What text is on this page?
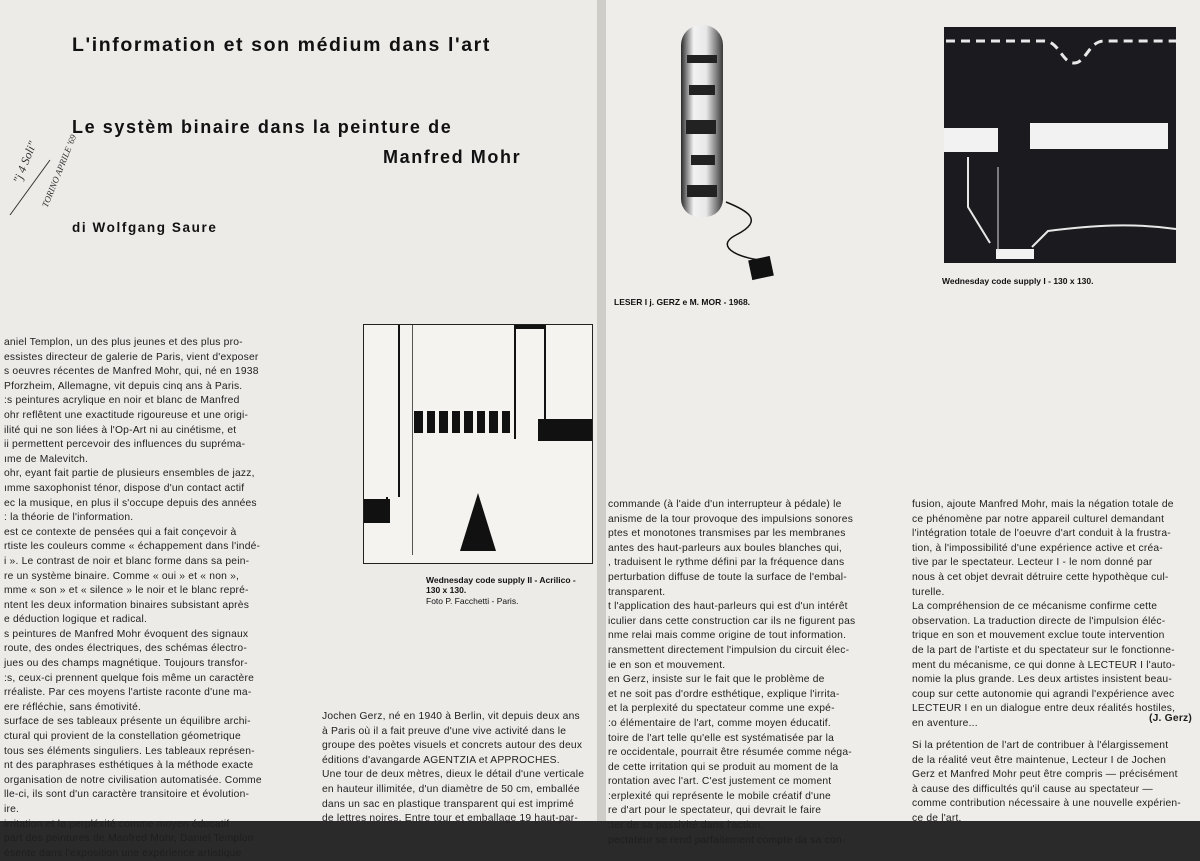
L'information et son médium dans l'art
Le systèm binaire dans la peinture de
Manfred Mohr
di Wolfgang Saure
"j 4 Soli" TORINO APRILE '69

aniel Templon, un des plus jeunes et des plus pro-

essistes directeur de galerie de Paris, vient d'exposer

s oeuvres récentes de Manfred Mohr, qui, né en 1938

Pforzheim, Allemagne, vit depuis cinq ans à Paris.

:s peintures acrylique en noir et blanc de Manfred

ohr reflêtent une exactitude rigoureuse et une origi-

ilité qui ne son liées à l'Op-Art ni au cinétisme, et

ii permettent percevoir des influences du supréma-

ıme de Malevitch.

ohr, eyant fait partie de plusieurs ensembles de jazz,

ımme saxophonist ténor, dispose d'un contact actif

ec la musique, en plus il s'occupe depuis des années

: la théorie de l'information.

est ce contexte de pensées qui a fait conçevoir à

rtiste les couleurs comme « échappement dans l'indé-

i ». Le contrast de noir et blanc forme dans sa pein-

re un système binaire. Comme « oui » et « non »,

mme « son » et « silence » le noir et le blanc repré-

ntent les deux information binaires subsistant après

e déduction logique et radical.

s peintures de Manfred Mohr évoquent des signaux

route, des ondes électriques, des schémas électro-

jues ou des champs magnétique. Toujours transfor-

:s, ceux-ci prennent quelque fois même un caractère

rréaliste. Par ces moyens l'artiste raconte d'une ma-

ere réfléchie, sans émotivité.

surface de ses tableaux présente un équilibre archi-

ctural qui provient de la constellation géometrique

tous ses éléments singuliers. Les tableaux représen-

nt des paraphrases esthétiques à la méthode exacte

organisation de notre civilisation automatisée. Comme

lle-ci, ils sont d'un caractère transitoire et évolution-

ire.

irritation et la perpléxité comme moyen éducatif

part des peintures de Manfred Mohr, Daniel Templon

ésente dans l'exposition une expérience artistique

Jochen Gerz, né en 1940 à Berlin, vit depuis deux ans

à Paris où il a fait preuve d'une vive activité dans le

groupe des poètes visuels et concrets autour des deux

éditions d'avangarde AGENTZIA et APPROCHES.

Une tour de deux mètres, dieux le détail d'une verticale

en hauteur illimitée, d'un diamètre de 50 cm, emballée

dans un sac en plastique transparent qui est imprimé

de lettres noires. Entre tour et emballage 19 haut-par-

Wednesday code supply II - Acrilico -
130 x 130.
Foto P. Facchetti - Paris.
LESER I j. GERZ e M. MOR - 1968.
Wednesday code supply I - 130 x 130.

commande (à l'aide d'un interrupteur à pédale) le

anisme de la tour provoque des impulsions sonores

ptes et monotones transmises par les membranes

antes des haut-parleurs aux boules blanches qui,

, traduisent le rythme défini par la fréquence dans

perturbation diffuse de toute la surface de l'embal-

transparent.

t l'application des haut-parleurs qui est d'un intérêt

iculier dans cette construction car ils ne figurent pas

nme relai mais comme origine de tout information.

ransmettent directement l'impulsion du circuit élec-

ie en son et mouvement.

en Gerz, insiste sur le fait que le problème de

et ne soit pas d'ordre esthétique, explique l'irrita-

et la perplexité du spectateur comme une expé-

:o élémentaire de l'art, comme moyen éducatif.

toire de l'art telle qu'elle est systématisée par la

re occidentale, pourrait être résumée comme néga-

de cette irritation qui se produit au moment de la

rontation avec l'art. C'est justement ce moment

:erplexité qui représente le mobile créatif d'une

re d'art pour le spectateur, qui devrait le faire

:ter de sa passivité dans l'action.

pectateur se rend parfaitement compte da sa con-

fusion, ajoute Manfred Mohr, mais la négation totale de

ce phénomène par notre appareil culturel demandant

l'intégration totale de l'oeuvre d'art conduit à la frustra-

tion, à l'impossibilité d'une expérience active et créa-

tive par le spectateur. Lecteur I - le nom donné par

nous à cet objet devrait détruire cette hypothèque cul-

turelle.

La compréhension de ce mécanisme confirme cette

observation. La traduction directe de l'impulsion éléc-

trique en son et mouvement exclue toute intervention

de la part de l'artiste et du spectateur sur le fonctionne-

ment du mécanisme, ce qui donne à LECTEUR I l'auto-

nomie la plus grande. Les deux artistes insistent beau-

coup sur cette autonomie qui agrandi l'expérience avec

LECTEUR I en un dialogue entre deux réalités hostiles,

en aventure...	(J. Gerz)

Si la prétention de l'art de contribuer à l'élargissement

de la réalité veut être maintenue, Lecteur I de Jochen

Gerz et Manfred Mohr peut être compris — précisément

à cause des difficultés qu'il cause au spectateur —

comme contribution nécessaire à une nouvelle expérien-

ce de l'art.
